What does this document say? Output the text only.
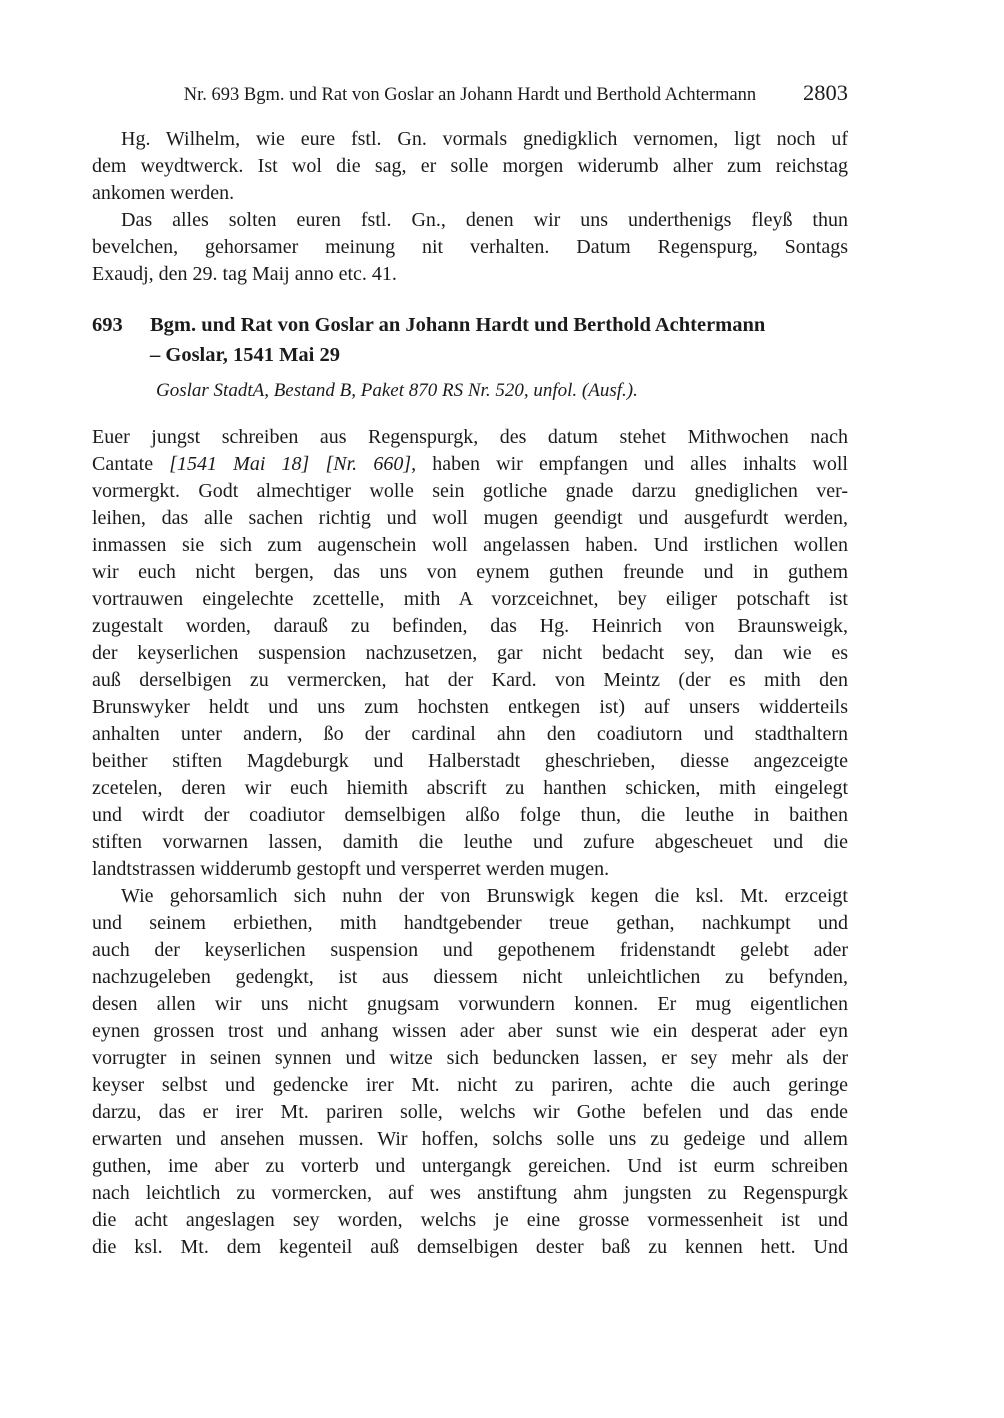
Nr. 693 Bgm. und Rat von Goslar an Johann Hardt und Berthold Achtermann	2803
Hg. Wilhelm, wie eure fstl. Gn. vormals gnedigklich vernomen, ligt noch uf
dem weydtwerck. Ist wol die sag, er solle morgen widerumb alher zum reichstag
ankomen werden.
Das alles solten euren fstl. Gn., denen wir uns underthenigs fleyß thun
bevelchen, gehorsamer meinung nit verhalten. Datum Regenspurg, Sontags
Exaudj, den 29. tag Maij anno etc. 41.
693	Bgm. und Rat von Goslar an Johann Hardt und Berthold Achtermann
– Goslar, 1541 Mai 29
Goslar StadtA, Bestand B, Paket 870 RS Nr. 520, unfol. (Ausf.).
Euer jungst schreiben aus Regenspurgk, des datum stehet Mithwochen nach
Cantate [1541 Mai 18] [Nr. 660], haben wir empfangen und alles inhalts woll
vormergkt. Godt almechtiger wolle sein gotliche gnade darzu gnediglichen ver-
leihen, das alle sachen richtig und woll mugen geendigt und ausgefurdt werden,
inmassen sie sich zum augenschein woll angelassen haben. Und irstlichen wollen
wir euch nicht bergen, das uns von eynem guthen freunde und in guthem
vortrauwen eingelechte zcettelle, mith A vorzceichnet, bey eiliger potschaft ist
zugestalt worden, darauß zu befinden, das Hg. Heinrich von Braunsweigk,
der keyserlichen suspension nachzusetzen, gar nicht bedacht sey, dan wie es
auß derselbigen zu vermercken, hat der Kard. von Meintz (der es mith den
Brunswyker heldt und uns zum hochsten entkegen ist) auf unsers widderteils
anhalten unter andern, ßo der cardinal ahn den coadiutorn und stadthaltern
beither stiften Magdeburgk und Halberstadt gheschrieben, diesse angezceigte
zcetelen, deren wir euch hiemith abscrift zu hanthen schicken, mith eingelegt
und wirdt der coadiutor demselbigen alßo folge thun, die leuthe in baithen
stiften vorwarnen lassen, damith die leuthe und zufure abgescheuet und die
landtstrassen widderumb gestopft und versperret werden mugen.
Wie gehorsamlich sich nuhn der von Brunswigk kegen die ksl. Mt. erzceigt
und seinem erbiethen, mith handtgebender treue gethan, nachkumpt und
auch der keyserlichen suspension und gepothenem fridenstandt gelebt ader
nachzugeleben gedengkt, ist aus diessem nicht unleichtlichen zu befynden,
desen allen wir uns nicht gnugsam vorwundern konnen. Er mug eigentlichen
eynen grossen trost und anhang wissen ader aber sunst wie ein desperat ader eyn
vorrugter in seinen synnen und witze sich beduncken lassen, er sey mehr als der
keyser selbst und gedencke irer Mt. nicht zu pariren, achte die auch geringe
darzu, das er irer Mt. pariren solle, welchs wir Gothe befelen und das ende
erwarten und ansehen mussen. Wir hoffen, solchs solle uns zu gedeige und allem
guthen, ime aber zu vorterb und untergangk gereichen. Und ist eurm schreiben
nach leichtlich zu vormercken, auf wes anstiftung ahm jungsten zu Regenspurgk
die acht angeslagen sey worden, welchs je eine grosse vormessenheit ist und
die ksl. Mt. dem kegenteil auß demselbigen dester baß zu kennen hett. Und
